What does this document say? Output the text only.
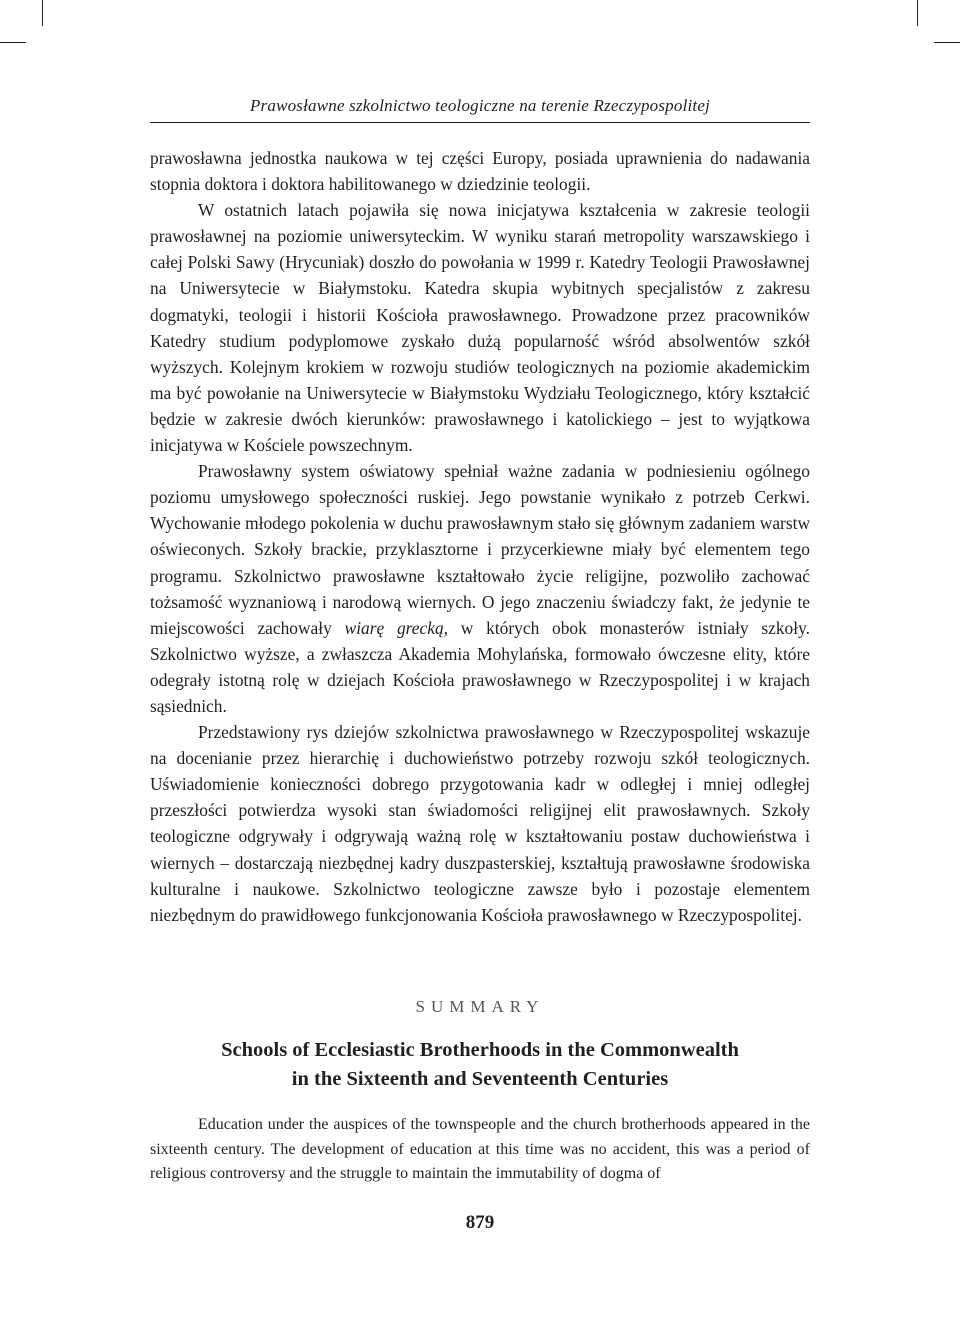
Prawosławne szkolnictwo teologiczne na terenie Rzeczypospolitej

prawosławna jednostka naukowa w tej części Europy, posiada uprawnienia do nadawania stopnia doktora i doktora habilitowanego w dziedzinie teologii.

W ostatnich latach pojawiła się nowa inicjatywa kształcenia w zakresie teologii prawosławnej na poziomie uniwersyteckim. W wyniku starań metropolity warszawskiego i całej Polski Sawy (Hrycuniak) doszło do powołania w 1999 r. Katedry Teologii Prawosławnej na Uniwersytecie w Białymstoku. Katedra skupia wybitnych specjalistów z zakresu dogmatyki, teologii i historii Kościoła prawosławnego. Prowadzone przez pracowników Katedry studium podyplomowe zyskało dużą popularność wśród absolwentów szkół wyższych. Kolejnym krokiem w rozwoju studiów teologicznych na poziomie akademickim ma być powołanie na Uniwersytecie w Białymstoku Wydziału Teologicznego, który kształcić będzie w zakresie dwóch kierunków: prawosławnego i katolickiego – jest to wyjątkowa inicjatywa w Kościele powszechnym.

Prawosławny system oświatowy spełniał ważne zadania w podniesieniu ogólnego poziomu umysłowego społeczności ruskiej. Jego powstanie wynikało z potrzeb Cerkwi. Wychowanie młodego pokolenia w duchu prawosławnym stało się głównym zadaniem warstw oświeconych. Szkoły brackie, przyklasztorne i przycerkiewne miały być elementem tego programu. Szkolnictwo prawosławne kształtowało życie religijne, pozwoliło zachować tożsamość wyznaniową i narodową wiernych. O jego znaczeniu świadczy fakt, że jedynie te miejscowości zachowały wiarę grecką, w których obok monasterów istniały szkoły. Szkolnictwo wyższe, a zwłaszcza Akademia Mohylańska, formowało ówczesne elity, które odegrały istotną rolę w dziejach Kościoła prawosławnego w Rzeczypospolitej i w krajach sąsiednich.

Przedstawiony rys dziejów szkolnictwa prawosławnego w Rzeczypospolitej wskazuje na docenianie przez hierarchię i duchowieństwo potrzeby rozwoju szkół teologicznych. Uświadomienie konieczności dobrego przygotowania kadr w odległej i mniej odległej przeszłości potwierdza wysoki stan świadomości religijnej elit prawosławnych. Szkoły teologiczne odgrywały i odgrywają ważną rolę w kształtowaniu postaw duchowieństwa i wiernych – dostarczają niezbędnej kadry duszpasterskiej, kształtują prawosławne środowiska kulturalne i naukowe. Szkolnictwo teologiczne zawsze było i pozostaje elementem niezbędnym do prawidłowego funkcjonowania Kościoła prawosławnego w Rzeczypospolitej.

SUMMARY
Schools of Ecclesiastic Brotherhoods in the Commonwealth
in the Sixteenth and Seventeenth Centuries

Education under the auspices of the townspeople and the church brotherhoods appeared in the sixteenth century. The development of education at this time was no accident, this was a period of religious controversy and the struggle to maintain the immutability of dogma of

879
